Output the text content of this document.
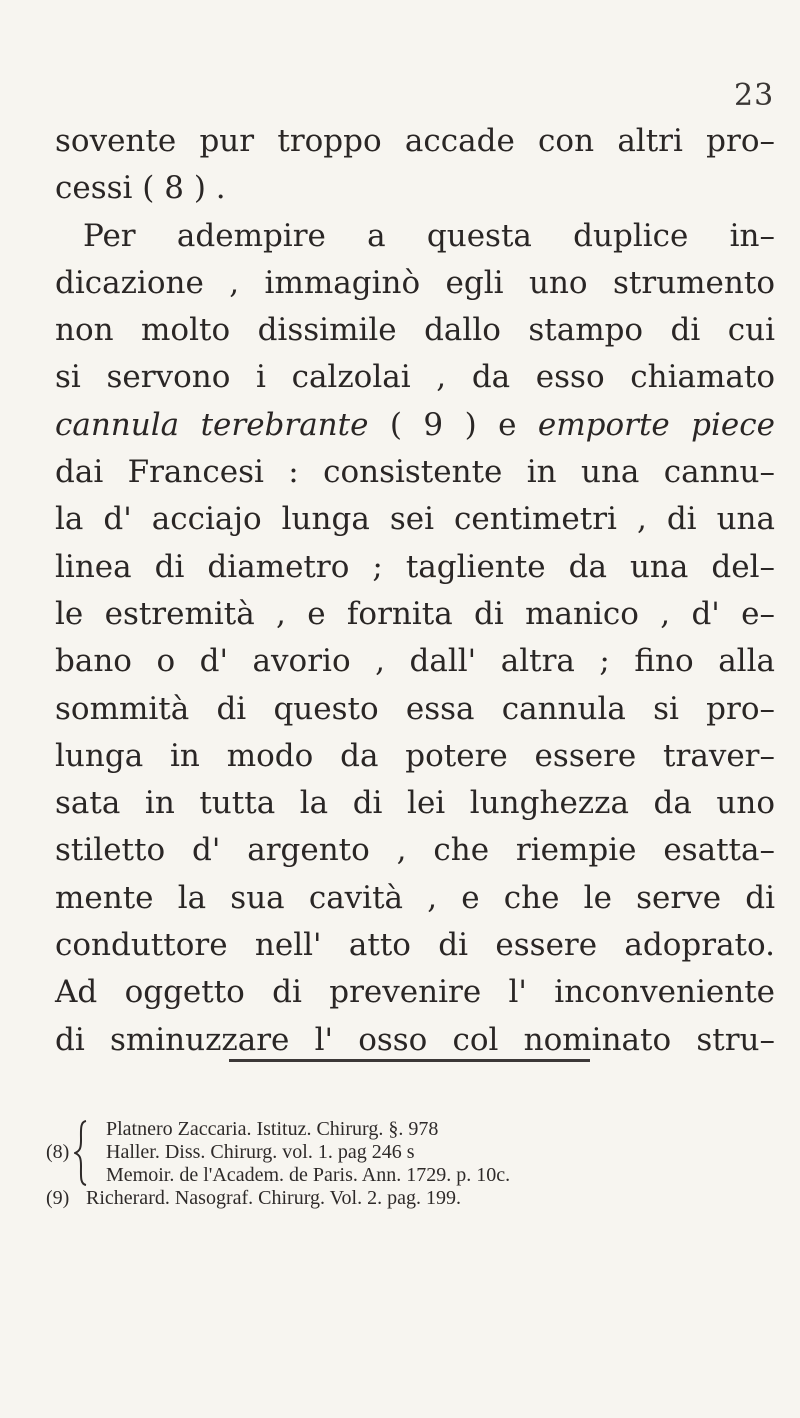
23
sovente pur troppo accade con altri pro–
cessi ( 8 ) .
Per adempire a questa duplice in–
dicazione , immaginò egli uno strumento
non molto dissimile dallo stampo di cui
si servono i calzolai , da esso chiamato
cannula terebrante ( 9 ) e emporte piece
dai Francesi : consistente in una cannu–
la d' acciajo lunga sei centimetri , di una
linea di diametro ; tagliente da una del–
le estremità , e fornita di manico , d' e–
bano o d' avorio , dall' altra ; fino alla
sommità di questo essa cannula si pro–
lunga in modo da potere essere traver–
sata in tutta la di lei lunghezza da uno
stiletto d' argento , che riempie esatta–
mente la sua cavità , e che le serve di
conduttore nell' atto di essere adoprato.
Ad oggetto di prevenire l' inconveniente
di sminuzzare l' osso col nominato stru–
(8)
Platnero Zaccaria. Istituz. Chirurg. §. 978
Haller. Diss. Chirurg. vol. 1. pag 246 s
Memoir. de l'Academ. de Paris. Ann. 1729. p. 10c.
(9) Richerard. Nasograf. Chirurg. Vol. 2. pag. 199.
